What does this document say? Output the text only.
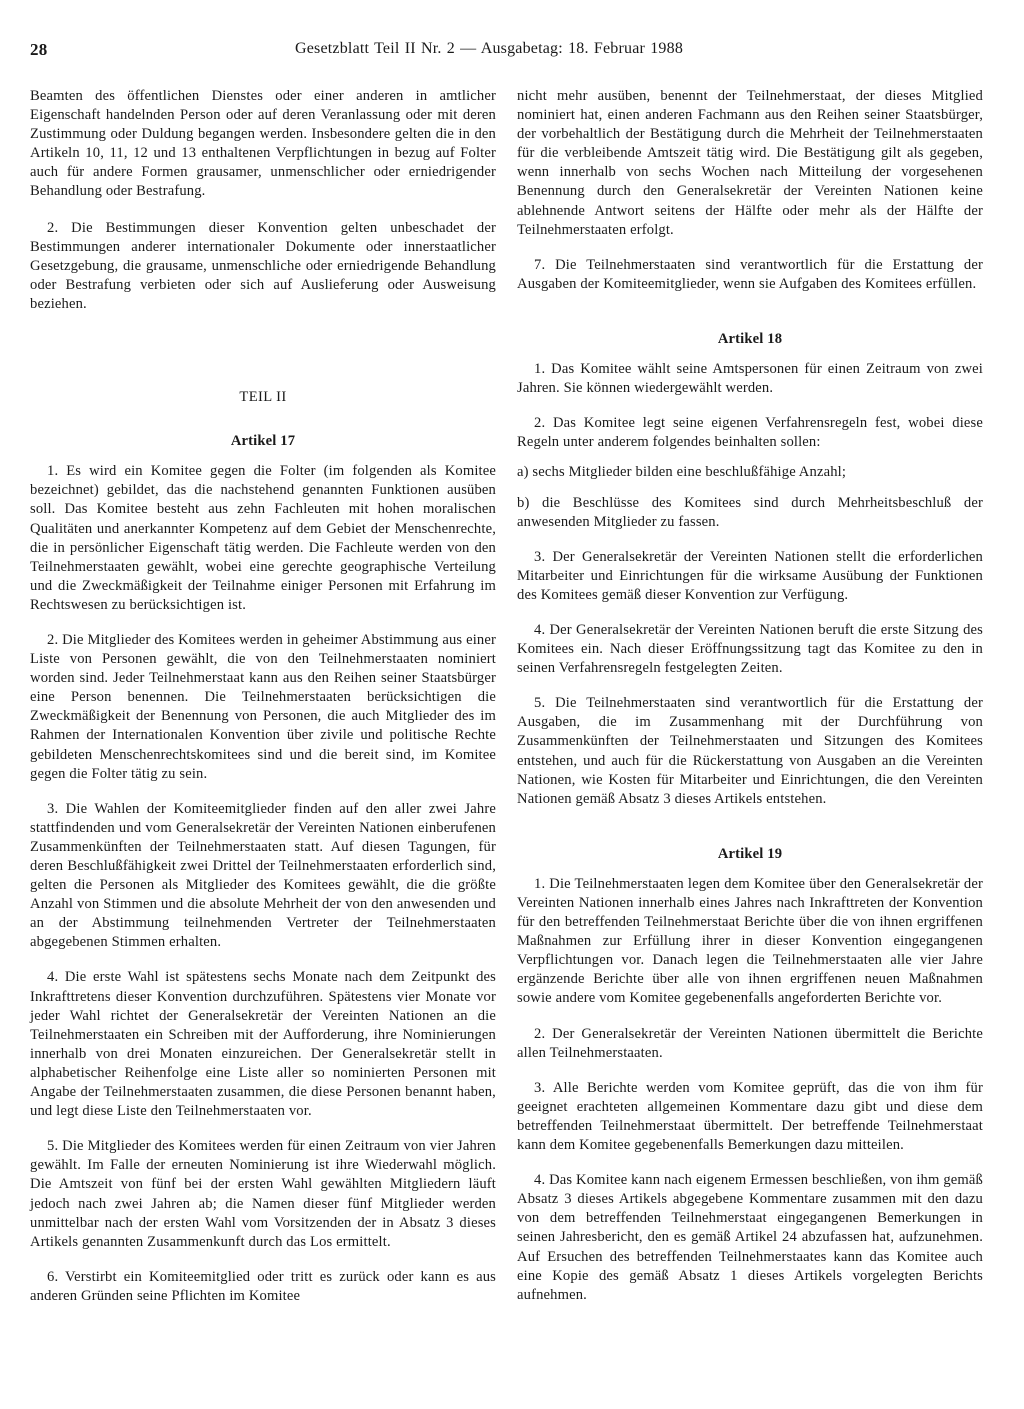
28	Gesetzblatt Teil II Nr. 2 — Ausgabetag: 18. Februar 1988

Beamten des öffentlichen Dienstes oder einer anderen in amtlicher Eigenschaft handelnden Person oder auf deren Veranlassung oder mit deren Zustimmung oder Duldung begangen werden. Insbesondere gelten die in den Artikeln 10, 11, 12 und 13 enthaltenen Verpflichtungen in bezug auf Folter auch für andere Formen grausamer, unmenschlicher oder erniedrigender Behandlung oder Bestrafung.

2. Die Bestimmungen dieser Konvention gelten unbeschadet der Bestimmungen anderer internationaler Dokumente oder innerstaatlicher Gesetzgebung, die grausame, unmenschliche oder erniedrigende Behandlung oder Bestrafung verbieten oder sich auf Auslieferung oder Ausweisung beziehen.

TEIL II

Artikel 17

1. Es wird ein Komitee gegen die Folter (im folgenden als Komitee bezeichnet) gebildet, das die nachstehend genannten Funktionen ausüben soll. Das Komitee besteht aus zehn Fachleuten mit hohen moralischen Qualitäten und anerkannter Kompetenz auf dem Gebiet der Menschenrechte, die in persönlicher Eigenschaft tätig werden. Die Fachleute werden von den Teilnehmerstaaten gewählt, wobei eine gerechte geographische Verteilung und die Zweckmäßigkeit der Teilnahme einiger Personen mit Erfahrung im Rechtswesen zu berücksichtigen ist.

2. Die Mitglieder des Komitees werden in geheimer Abstimmung aus einer Liste von Personen gewählt, die von den Teilnehmerstaaten nominiert worden sind. Jeder Teilnehmerstaat kann aus den Reihen seiner Staatsbürger eine Person benennen. Die Teilnehmerstaaten berücksichtigen die Zweckmäßigkeit der Benennung von Personen, die auch Mitglieder des im Rahmen der Internationalen Konvention über zivile und politische Rechte gebildeten Menschenrechtskomitees sind und die bereit sind, im Komitee gegen die Folter tätig zu sein.

3. Die Wahlen der Komiteemitglieder finden auf den aller zwei Jahre stattfindenden und vom Generalsekretär der Vereinten Nationen einberufenen Zusammenkünften der Teilnehmerstaaten statt. Auf diesen Tagungen, für deren Beschlußfähigkeit zwei Drittel der Teilnehmerstaaten erforderlich sind, gelten die Personen als Mitglieder des Komitees gewählt, die die größte Anzahl von Stimmen und die absolute Mehrheit der von den anwesenden und an der Abstimmung teilnehmenden Vertreter der Teilnehmerstaaten abgegebenen Stimmen erhalten.

4. Die erste Wahl ist spätestens sechs Monate nach dem Zeitpunkt des Inkrafttretens dieser Konvention durchzuführen. Spätestens vier Monate vor jeder Wahl richtet der Generalsekretär der Vereinten Nationen an die Teilnehmerstaaten ein Schreiben mit der Aufforderung, ihre Nominierungen innerhalb von drei Monaten einzureichen. Der Generalsekretär stellt in alphabetischer Reihenfolge eine Liste aller so nominierten Personen mit Angabe der Teilnehmerstaaten zusammen, die diese Personen benannt haben, und legt diese Liste den Teilnehmerstaaten vor.

5. Die Mitglieder des Komitees werden für einen Zeitraum von vier Jahren gewählt. Im Falle der erneuten Nominierung ist ihre Wiederwahl möglich. Die Amtszeit von fünf bei der ersten Wahl gewählten Mitgliedern läuft jedoch nach zwei Jahren ab; die Namen dieser fünf Mitglieder werden unmittelbar nach der ersten Wahl vom Vorsitzenden der in Absatz 3 dieses Artikels genannten Zusammenkunft durch das Los ermittelt.

6. Verstirbt ein Komiteemitglied oder tritt es zurück oder kann es aus anderen Gründen seine Pflichten im Komitee

nicht mehr ausüben, benennt der Teilnehmerstaat, der dieses Mitglied nominiert hat, einen anderen Fachmann aus den Reihen seiner Staatsbürger, der vorbehaltlich der Bestätigung durch die Mehrheit der Teilnehmerstaaten für die verbleibende Amtszeit tätig wird. Die Bestätigung gilt als gegeben, wenn innerhalb von sechs Wochen nach Mitteilung der vorgesehenen Benennung durch den Generalsekretär der Vereinten Nationen keine ablehnende Antwort seitens der Hälfte oder mehr als der Hälfte der Teilnehmerstaaten erfolgt.

7. Die Teilnehmerstaaten sind verantwortlich für die Erstattung der Ausgaben der Komiteemitglieder, wenn sie Aufgaben des Komitees erfüllen.

Artikel 18

1. Das Komitee wählt seine Amtspersonen für einen Zeitraum von zwei Jahren. Sie können wiedergewählt werden.

2. Das Komitee legt seine eigenen Verfahrensregeln fest, wobei diese Regeln unter anderem folgendes beinhalten sollen:

a) sechs Mitglieder bilden eine beschlußfähige Anzahl;

b) die Beschlüsse des Komitees sind durch Mehrheitsbeschluß der anwesenden Mitglieder zu fassen.

3. Der Generalsekretär der Vereinten Nationen stellt die erforderlichen Mitarbeiter und Einrichtungen für die wirksame Ausübung der Funktionen des Komitees gemäß dieser Konvention zur Verfügung.

4. Der Generalsekretär der Vereinten Nationen beruft die erste Sitzung des Komitees ein. Nach dieser Eröffnungssitzung tagt das Komitee zu den in seinen Verfahrensregeln festgelegten Zeiten.

5. Die Teilnehmerstaaten sind verantwortlich für die Erstattung der Ausgaben, die im Zusammenhang mit der Durchführung von Zusammenkünften der Teilnehmerstaaten und Sitzungen des Komitees entstehen, und auch für die Rückerstattung von Ausgaben an die Vereinten Nationen, wie Kosten für Mitarbeiter und Einrichtungen, die den Vereinten Nationen gemäß Absatz 3 dieses Artikels entstehen.

Artikel 19

1. Die Teilnehmerstaaten legen dem Komitee über den Generalsekretär der Vereinten Nationen innerhalb eines Jahres nach Inkrafttreten der Konvention für den betreffenden Teilnehmerstaat Berichte über die von ihnen ergriffenen Maßnahmen zur Erfüllung ihrer in dieser Konvention eingegangenen Verpflichtungen vor. Danach legen die Teilnehmerstaaten alle vier Jahre ergänzende Berichte über alle von ihnen ergriffenen neuen Maßnahmen sowie andere vom Komitee gegebenenfalls angeforderten Berichte vor.

2. Der Generalsekretär der Vereinten Nationen übermittelt die Berichte allen Teilnehmerstaaten.

3. Alle Berichte werden vom Komitee geprüft, das die von ihm für geeignet erachteten allgemeinen Kommentare dazu gibt und diese dem betreffenden Teilnehmerstaat übermittelt. Der betreffende Teilnehmerstaat kann dem Komitee gegebenenfalls Bemerkungen dazu mitteilen.

4. Das Komitee kann nach eigenem Ermessen beschließen, von ihm gemäß Absatz 3 dieses Artikels abgegebene Kommentare zusammen mit den dazu von dem betreffenden Teilnehmerstaat eingegangenen Bemerkungen in seinen Jahresbericht, den es gemäß Artikel 24 abzufassen hat, aufzunehmen. Auf Ersuchen des betreffenden Teilnehmerstaates kann das Komitee auch eine Kopie des gemäß Absatz 1 dieses Artikels vorgelegten Berichts aufnehmen.
